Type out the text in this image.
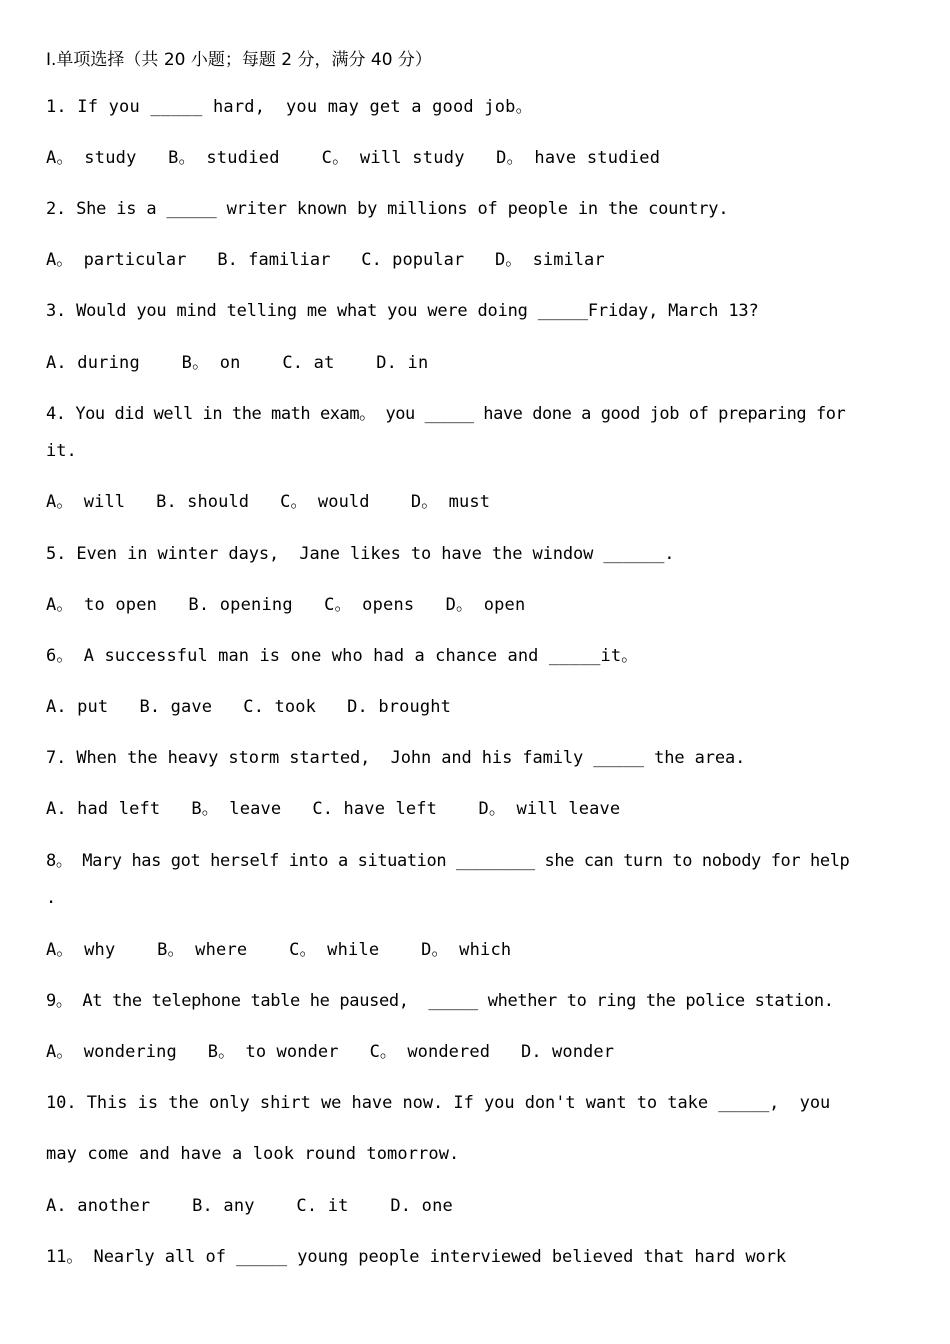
Ⅰ.单项选择（共 20 小题；每题 2 分，满分 40 分）
1. If you _____ hard,  you may get a good job。
A。 study   B。 studied    C。 will study   D。 have studied
2. She is a _____ writer known by millions of people in the country.
A。 particular   B. familiar   C. popular   D。 similar
3. Would you mind telling me what you were doing _____Friday, March 13?
A. during    B。 on    C. at    D. in
4. You did well in the math exam。 you _____ have done a good job of preparing for
it.
A。 will   B. should   C。 would    D。 must
5. Even in winter days,  Jane likes to have the window ______.
A。 to open   B. opening   C。 opens   D。 open
6。 A successful man is one who had a chance and _____it。
A. put   B. gave   C. took   D. brought
7. When the heavy storm started,  John and his family _____ the area.
A. had left   B。 leave   C. have left    D。 will leave
8。 Mary has got herself into a situation ________ she can turn to nobody for help
.
A。 why    B。 where    C。 while    D。 which
9。 At the telephone table he paused,  _____ whether to ring the police station.
A。 wondering   B。 to wonder   C。 wondered   D. wonder
10. This is the only shirt we have now. If you don't want to take _____,  you
may come and have a look round tomorrow.
A. another    B. any    C. it    D. one
11。 Nearly all of _____ young people interviewed believed that hard work
